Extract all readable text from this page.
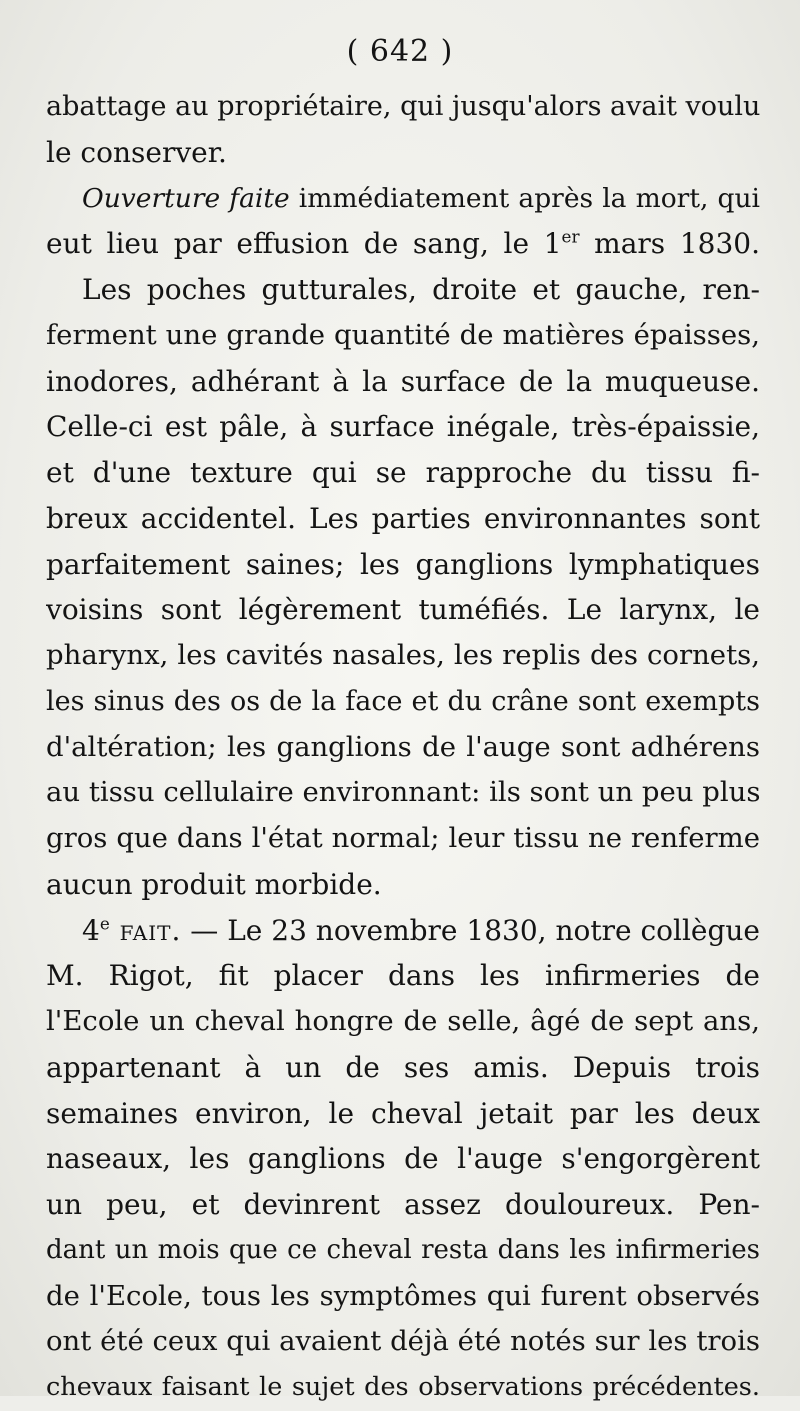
( 642 )
abattage au propriétaire, qui jusqu'alors avait voulu
le conserver.
Ouverture faite immédiatement après la mort, qui
eut lieu par effusion de sang, le 1er mars 1830.
Les poches gutturales, droite et gauche, ren-
ferment une grande quantité de matières épaisses,
inodores, adhérant à la surface de la muqueuse.
Celle-ci est pâle, à surface inégale, très-épaissie,
et d'une texture qui se rapproche du tissu fi-
breux accidentel. Les parties environnantes sont
parfaitement saines; les ganglions lymphatiques
voisins sont légèrement tuméfiés. Le larynx, le
pharynx, les cavités nasales, les replis des cornets,
les sinus des os de la face et du crâne sont exempts
d'altération; les ganglions de l'auge sont adhérens
au tissu cellulaire environnant: ils sont un peu plus
gros que dans l'état normal; leur tissu ne renferme
aucun produit morbide.
4e fait. — Le 23 novembre 1830, notre collègue
M. Rigot, fit placer dans les infirmeries de
l'Ecole un cheval hongre de selle, âgé de sept ans,
appartenant à un de ses amis. Depuis trois
semaines environ, le cheval jetait par les deux
naseaux, les ganglions de l'auge s'engorgèrent
un peu, et devinrent assez douloureux. Pen-
dant un mois que ce cheval resta dans les infirmeries
de l'Ecole, tous les symptômes qui furent observés
ont été ceux qui avaient déjà été notés sur les trois
chevaux faisant le sujet des observations précédentes.
